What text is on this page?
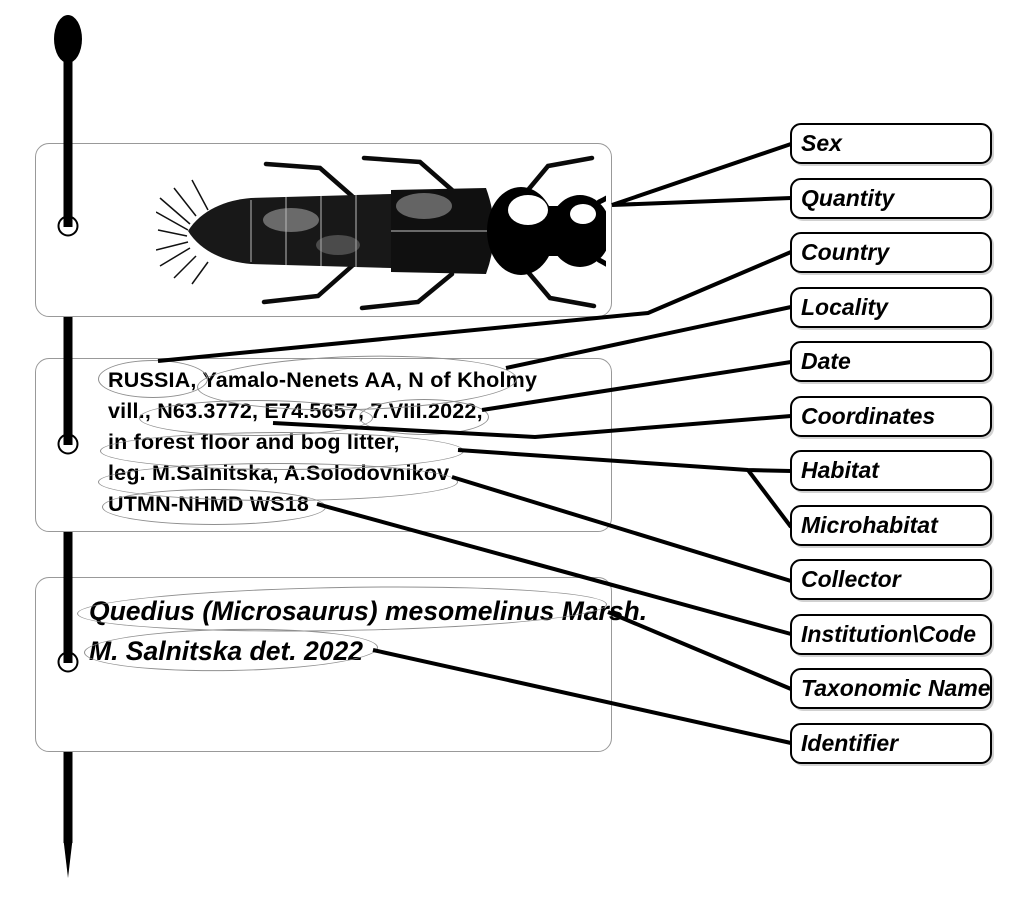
RUSSIA, Yamalo-Nenets AA, N of Kholmy
vill., N63.3772, E74.5657, 7.VIII.2022,
in forest floor and bog litter,
leg. M.Salnitska, A.Solodovnikov
UTMN-NHMD WS18
Quedius (Microsaurus) mesomelinus Marsh.
M. Salnitska det. 2022
Sex
Quantity
Country
Locality
Date
Coordinates
Habitat
Microhabitat
Collector
Institution\Code
Taxonomic Name
Identifier
